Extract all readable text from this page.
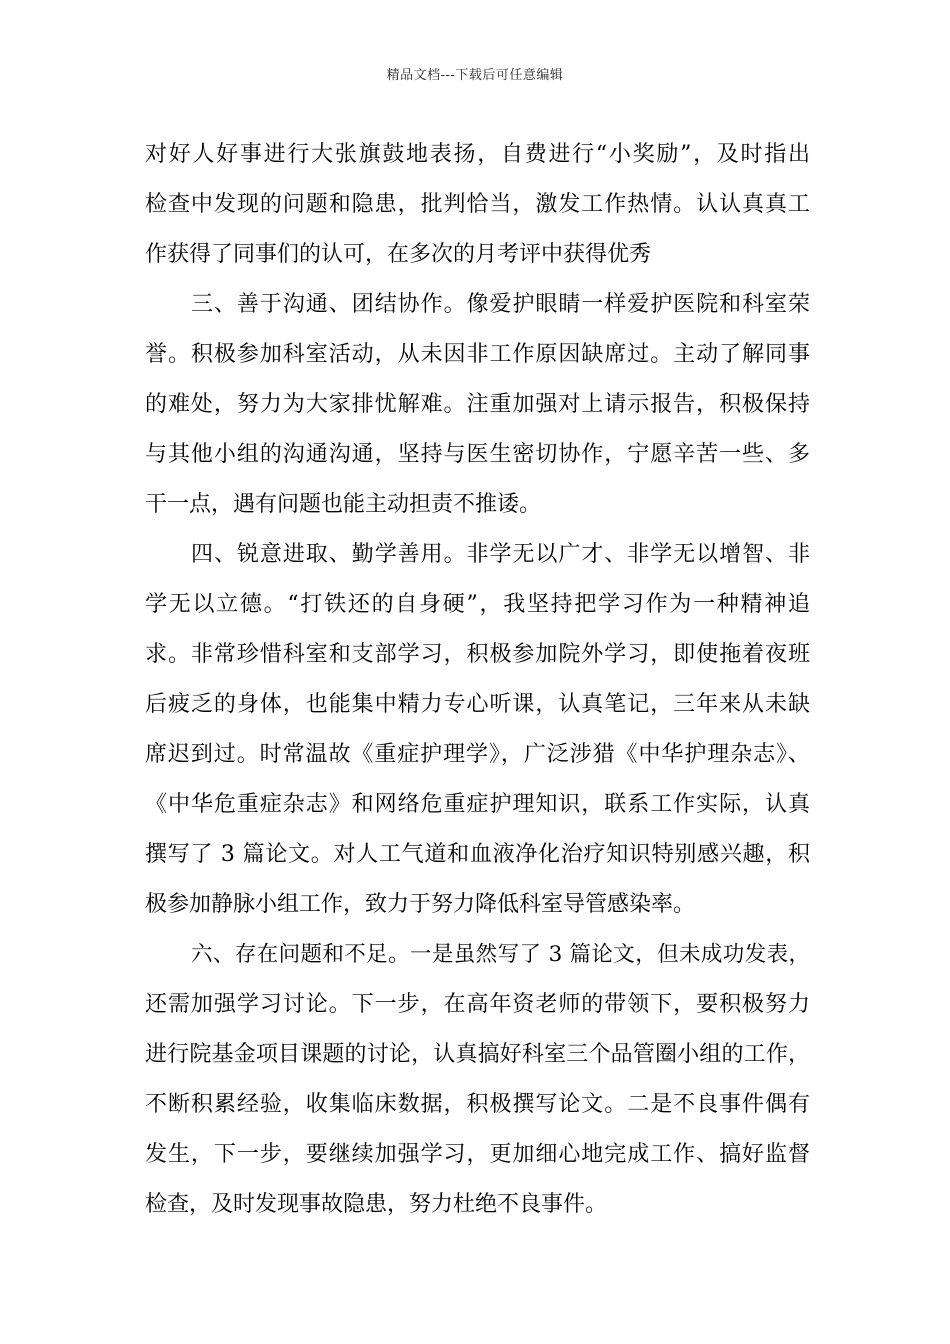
精品文档---下载后可任意编辑
对好人好事进行大张旗鼓地表扬，自费进行“小奖励”，及时指出
检查中发现的问题和隐患，批判恰当，激发工作热情。认认真真工
作获得了同事们的认可，在多次的月考评中获得优秀
三、善于沟通、团结协作。像爱护眼睛一样爱护医院和科室荣
誉。积极参加科室活动，从未因非工作原因缺席过。主动了解同事
的难处，努力为大家排忧解难。注重加强对上请示报告，积极保持
与其他小组的沟通沟通，坚持与医生密切协作，宁愿辛苦一些、多
干一点，遇有问题也能主动担责不推诿。
四、锐意进取、勤学善用。非学无以广才、非学无以增智、非
学无以立德。“打铁还的自身硬”，我坚持把学习作为一种精神追
求。非常珍惜科室和支部学习，积极参加院外学习，即使拖着夜班
后疲乏的身体，也能集中精力专心听课，认真笔记，三年来从未缺
席迟到过。时常温故《重症护理学》，广泛涉猎《中华护理杂志》、
《中华危重症杂志》和网络危重症护理知识，联系工作实际，认真
撰写了 3 篇论文。对人工气道和血液净化治疗知识特别感兴趣，积
极参加静脉小组工作，致力于努力降低科室导管感染率。
六、存在问题和不足。一是虽然写了 3 篇论文，但未成功发表，
还需加强学习讨论。下一步，在高年资老师的带领下，要积极努力
进行院基金项目课题的讨论，认真搞好科室三个品管圈小组的工作，
不断积累经验，收集临床数据，积极撰写论文。二是不良事件偶有
发生，下一步，要继续加强学习，更加细心地完成工作、搞好监督
检查，及时发现事故隐患，努力杜绝不良事件。
